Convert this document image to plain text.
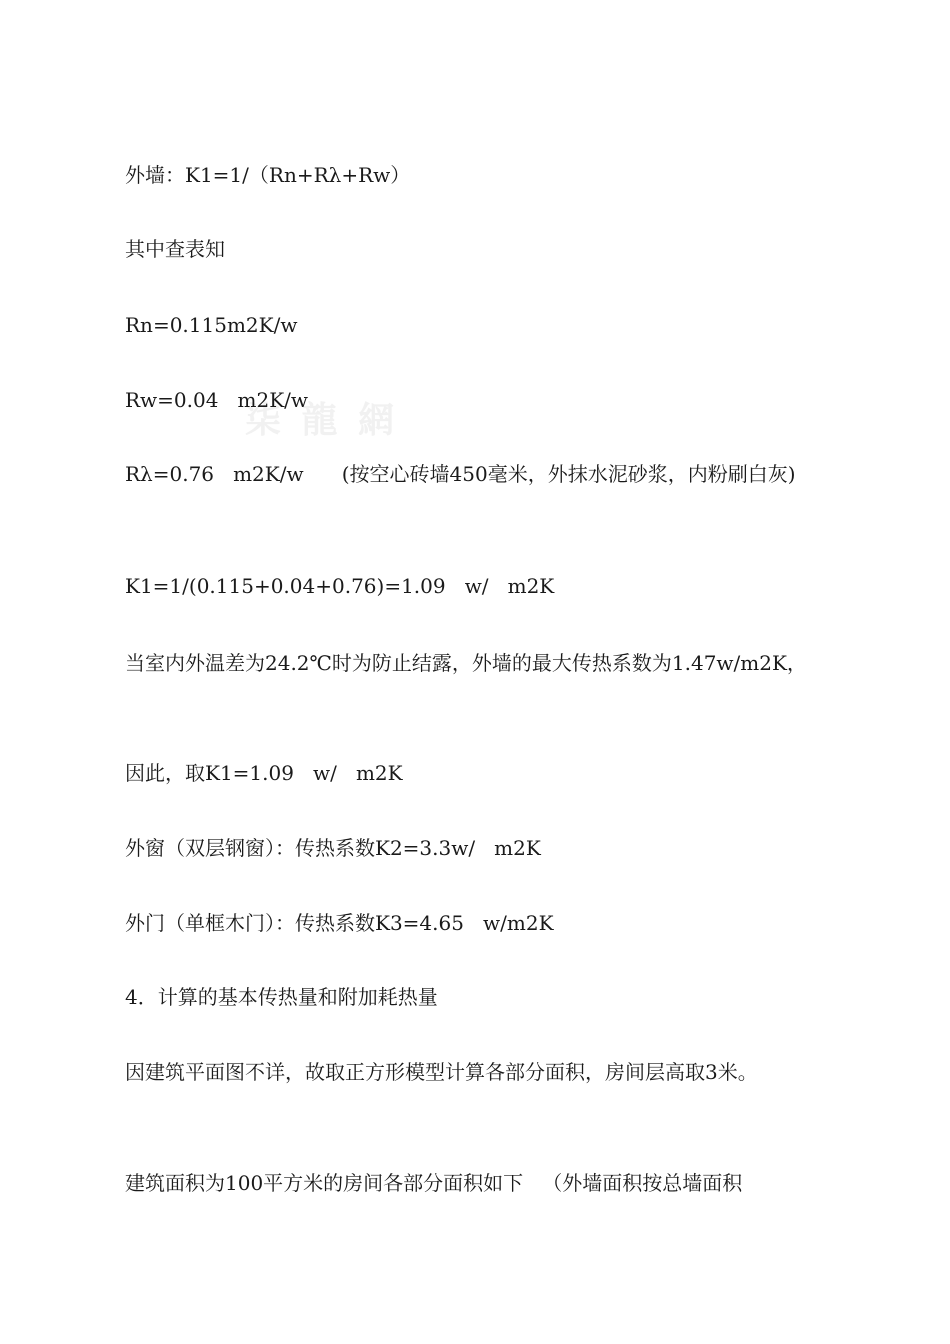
柒 龍 網

外墙：K1=1/（Rn+Rλ+Rw）

其中查表知

Rn=0.115m2K/w

Rw=0.04   m2K/w

Rλ=0.76   m2K/w      (按空心砖墙450毫米，外抹水泥砂浆，内粉刷白灰)

K1=1/(0.115+0.04+0.76)=1.09   w/   m2K

当室内外温差为24.2℃时为防止结露，外墙的最大传热系数为1.47w/m2K，

因此，取K1=1.09   w/   m2K

外窗（双层钢窗）：传热系数K2=3.3w/   m2K

外门（单框木门）：传热系数K3=4.65   w/m2K

4．计算的基本传热量和附加耗热量

因建筑平面图不详，故取正方形模型计算各部分面积，房间层高取3米。

建筑面积为100平方米的房间各部分面积如下   （外墙面积按总墙面积
